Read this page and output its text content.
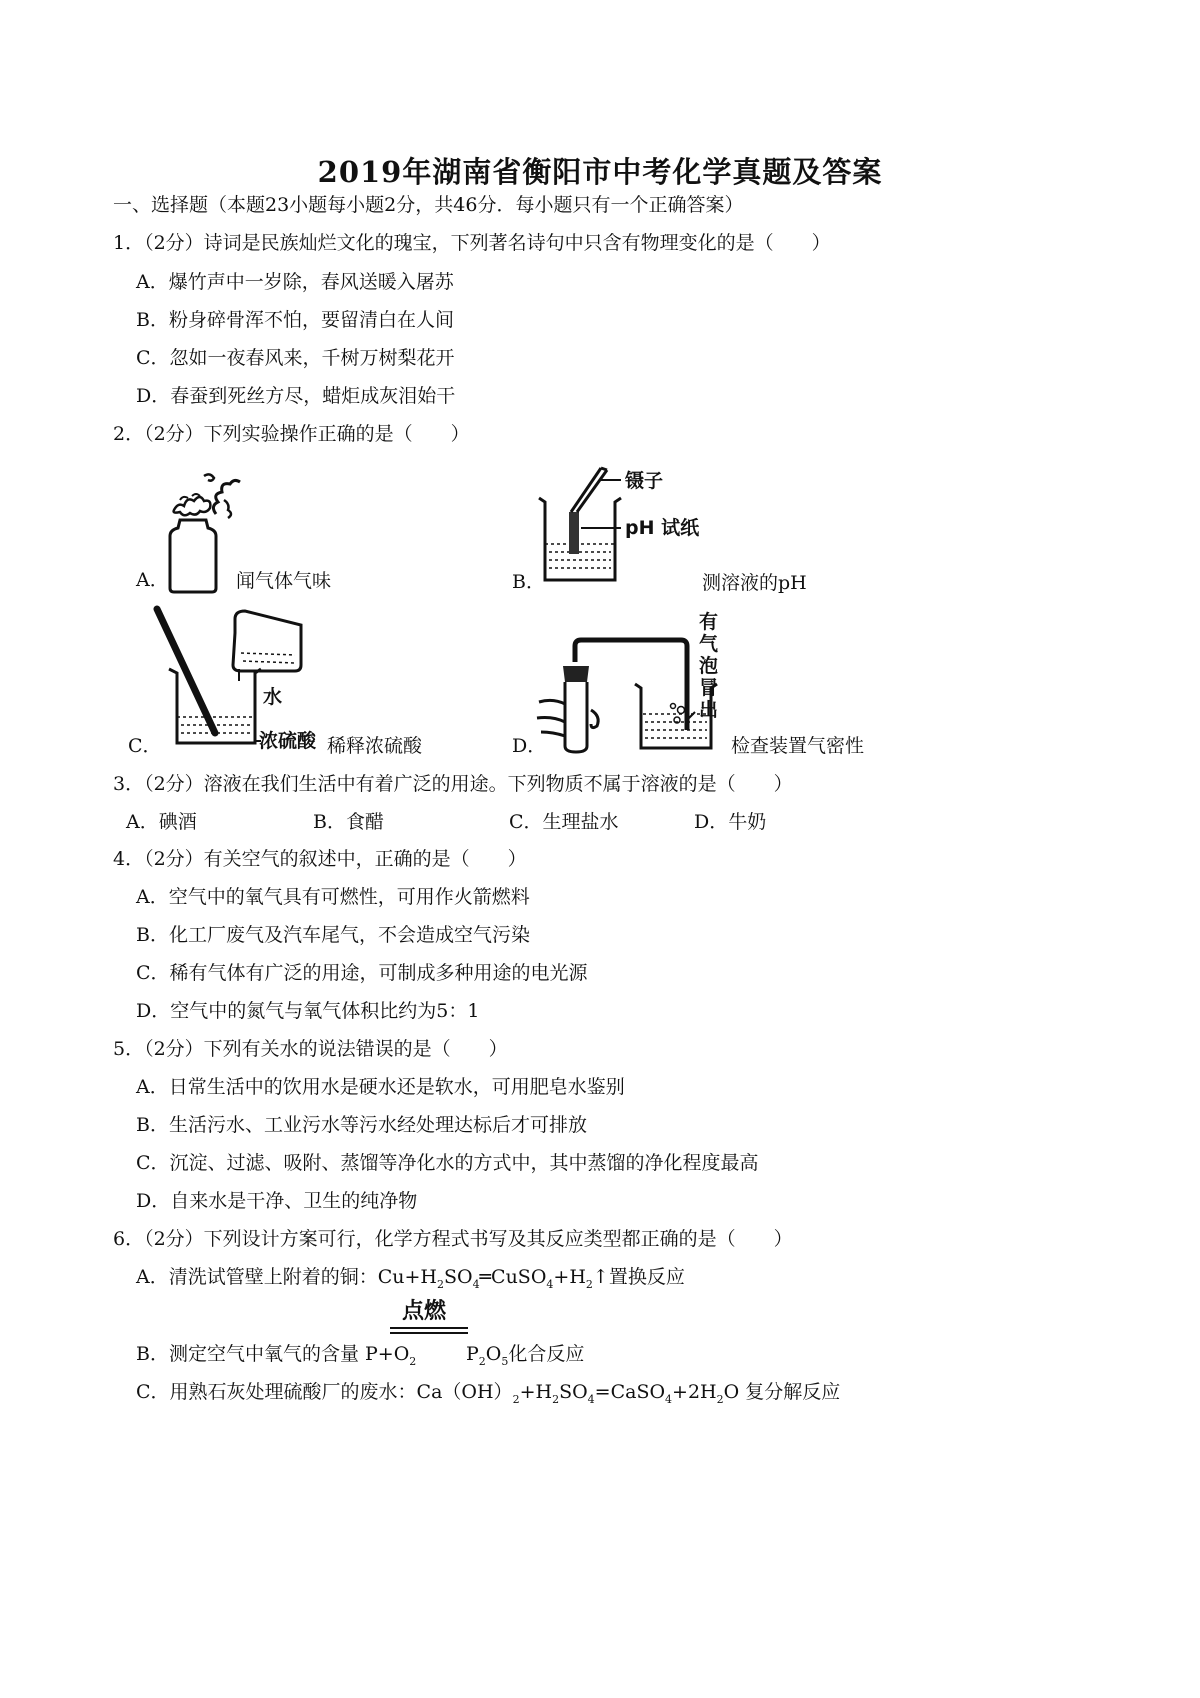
2019年湖南省衡阳市中考化学真题及答案
一、选择题（本题23小题每小题2分，共46分．每小题只有一个正确答案）
1．（2分）诗词是民族灿烂文化的瑰宝，下列著名诗句中只含有物理变化的是（　　）
A．爆竹声中一岁除，春风送暖入屠苏
B．粉身碎骨浑不怕，要留清白在人间
C．忽如一夜春风来，千树万树梨花开
D．春蚕到死丝方尽，蜡炬成灰泪始干
2．（2分）下列实验操作正确的是（　　）
A．	闻气体气味	B．
镊子
pH 试纸
测溶液的pH
C．
水
浓硫酸 稀释浓硫酸	D．
有
气
泡
冒
出
检查装置气密性
3．（2分）溶液在我们生活中有着广泛的用途。下列物质不属于溶液的是（　　）
A．碘酒	B．食醋	C．生理盐水	D．牛奶
4．（2分）有关空气的叙述中，正确的是（　　）
A．空气中的氧气具有可燃性，可用作火箭燃料
B．化工厂废气及汽车尾气，不会造成空气污染
C．稀有气体有广泛的用途，可制成多种用途的电光源
D．空气中的氮气与氧气体积比约为5：1
5．（2分）下列有关水的说法错误的是（　　）
A．日常生活中的饮用水是硬水还是软水，可用肥皂水鉴别
B．生活污水、工业污水等污水经处理达标后才可排放
C．沉淀、过滤、吸附、蒸馏等净化水的方式中，其中蒸馏的净化程度最高
D．自来水是干净、卫生的纯净物
6．（2分）下列设计方案可行，化学方程式书写及其反应类型都正确的是（　　）
A．清洗试管壁上附着的铜：$Cu+H_2SO_4═CuSO_4+H_2↑$置换反应
点燃
B．测定空气中氧气的含量 $P+O_2$	$P_2O_5$化合反应
C．用熟石灰处理硫酸厂的废水：$Ca(OH)_2+H_2SO_4=CaSO_4+2H_2O$ 复分解反应
